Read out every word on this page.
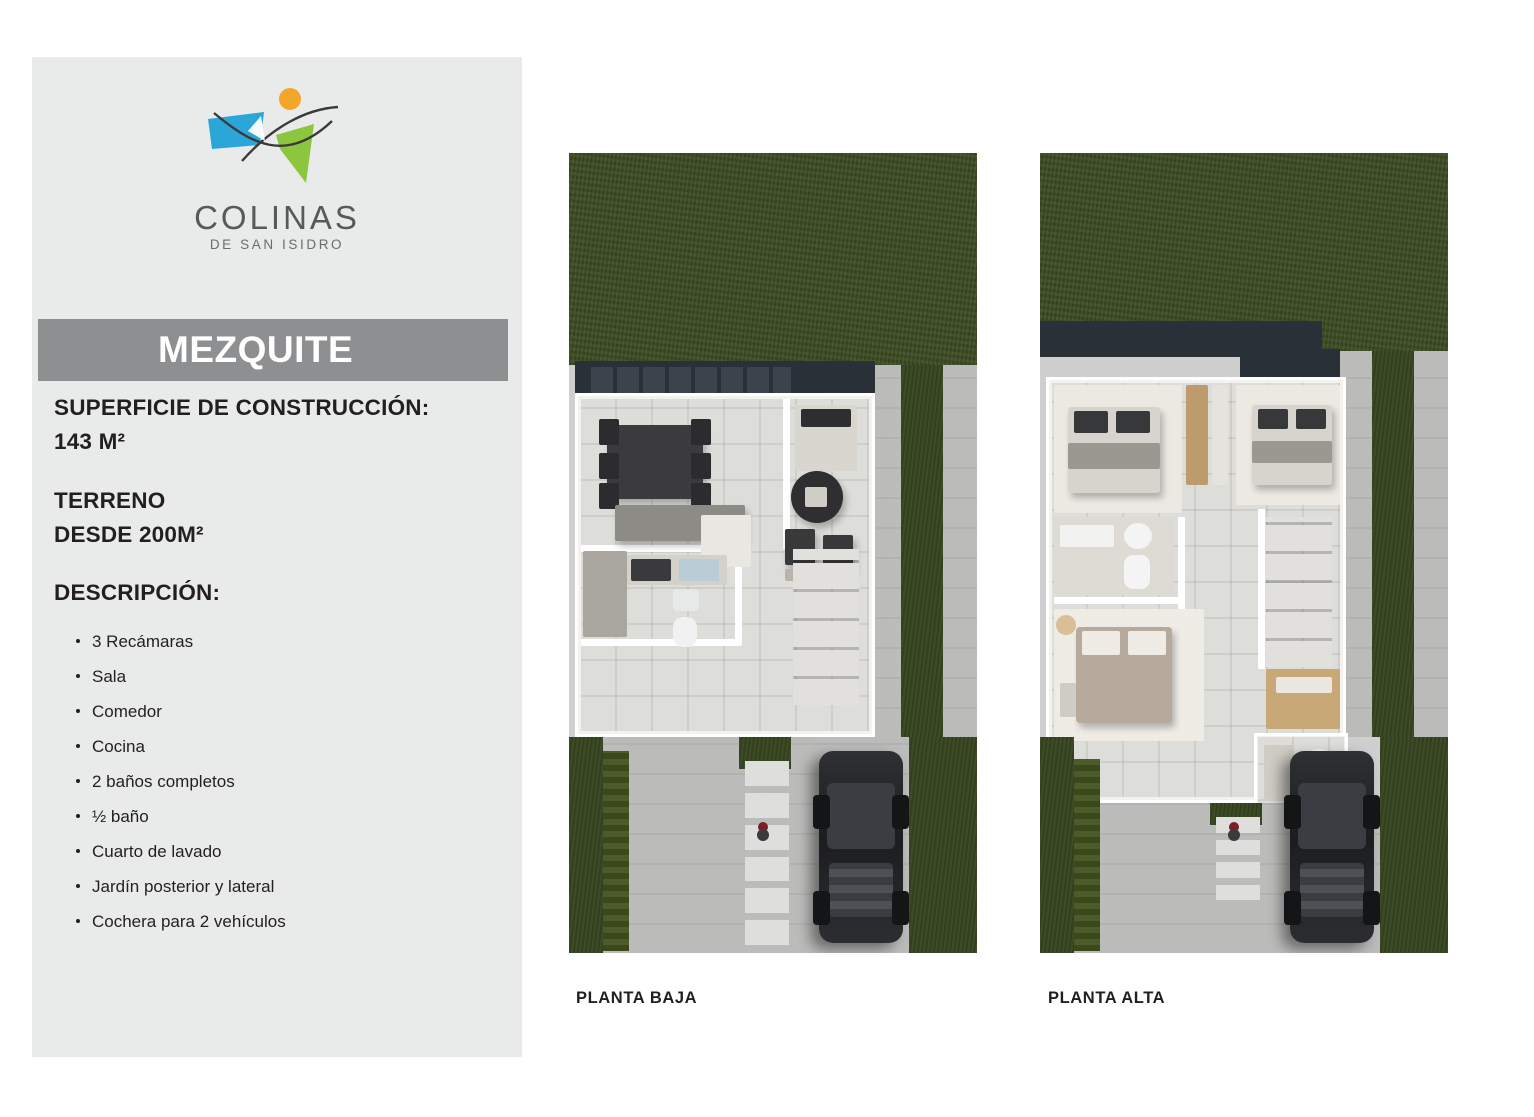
COLINAS
DE SAN ISIDRO
MEZQUITE
SUPERFICIE DE CONSTRUCCIÓN:
143 M²
TERRENO
DESDE 200M²
DESCRIPCIÓN:
3 Recámaras
Sala
Comedor
Cocina
2 baños completos
½ baño
Cuarto de lavado
Jardín posterior y lateral
Cochera para 2 vehículos
PLANTA BAJA	PLANTA ALTA
